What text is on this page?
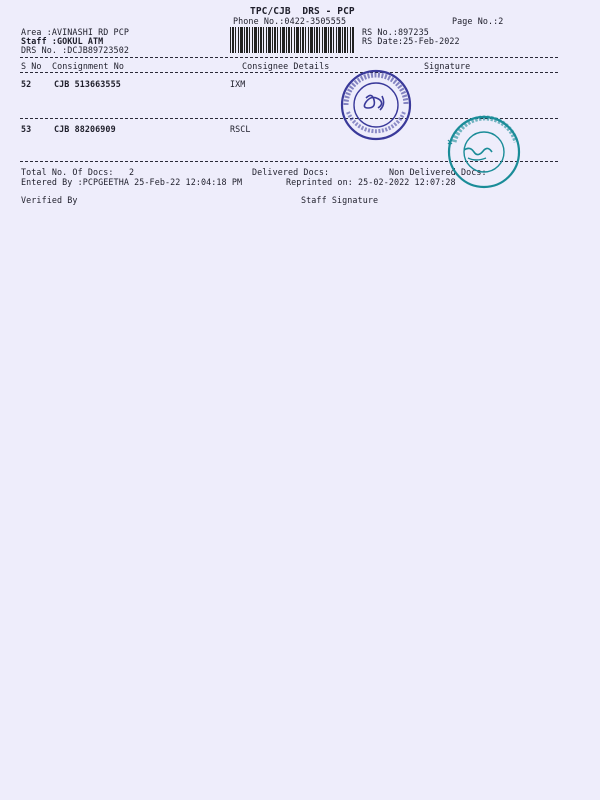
TPC/CJB  DRS - PCP
Phone No.:0422-3505555	Page No.:2
Area :AVINASHI RD PCP
Staff :GOKUL ATM
DRS No. :DCJB89723502
RS No.:897235
RS Date:25-Feb-2022
S No Consignment No	Consignee Details	Signature
52	CJB 513663555	IXM
53	CJB 88206909	RSCL
Total No. Of Docs:   2	Delivered Docs:	Non Delivered Docs:
Entered By :PCPGEETHA 25-Feb-22 12:04:18 PM	Reprinted on: 25-02-2022 12:07:28
Verified By	Staff Signature
